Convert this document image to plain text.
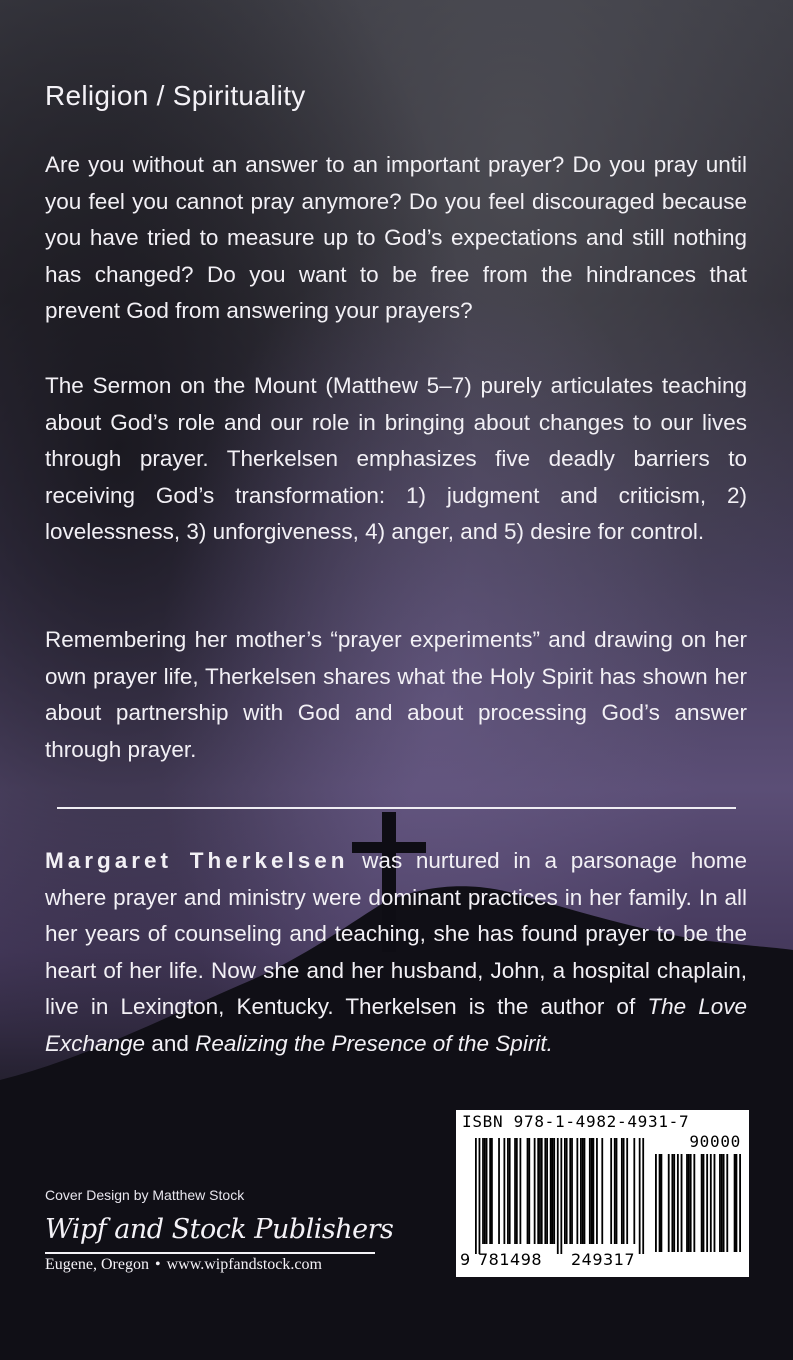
Religion / Spirituality

Are you without an answer to an important prayer? Do you pray until you feel you cannot pray anymore? Do you feel discouraged because you have tried to measure up to God’s expectations and still nothing has changed? Do you want to be free from the hindrances that prevent God from answering your prayers?

The Sermon on the Mount (Matthew 5–7) purely articulates teaching about God’s role and our role in bringing about changes to our lives through prayer. Therkelsen emphasizes five deadly barriers to receiving God’s transformation: 1) judgment and criticism, 2) lovelessness, 3) unforgiveness, 4) anger, and 5) desire for control.

Remembering her mother’s “prayer experiments” and drawing on her own prayer life, Therkelsen shares what the Holy Spirit has shown her about partnership with God and about processing God’s answer through prayer.

Margaret Therkelsen was nurtured in a parsonage home where prayer and ministry were dominant practices in her family. In all her years of counseling and teaching, she has found prayer to be the heart of her life. Now she and her husband, John, a hospital chaplain, live in Lexington, Kentucky. Therkelsen is the author of The Love Exchange and Realizing the Presence of the Spirit.

Cover Design by Matthew Stock
Wipf and Stock Publishers
Eugene, Oregon • www.wipfandstock.com
ISBN 978-1-4982-4931-7
90000
9 781498 249317
